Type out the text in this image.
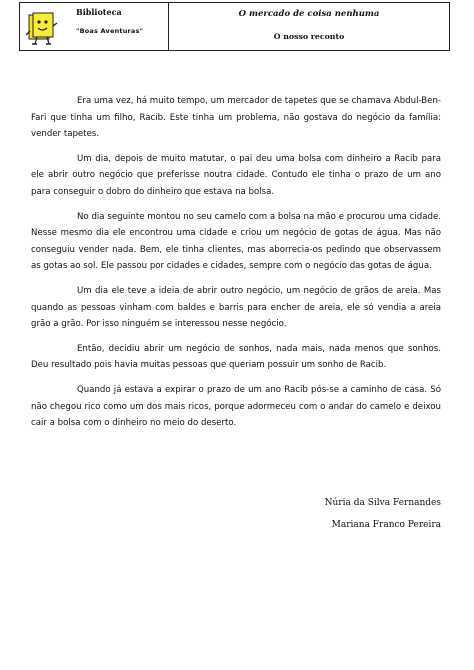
Biblioteca
"Boas Aventuras"
O mercado de coisa nenhuma
O nosso reconto

Era uma vez, há muito tempo, um mercador de tapetes que se chamava Abdul-Ben-Fari que tinha um filho, Racib. Este tinha um problema, não gostava do negócio da família: vender tapetes.

Um dia, depois de muito matutar, o pai deu uma bolsa com dinheiro a Racib para ele abrir outro negócio que preferisse noutra cidade. Contudo ele tinha o prazo de um ano para conseguir o dobro do dinheiro que estava na bolsa.

No dia seguinte montou no seu camelo com a bolsa na mão e procurou uma cidade. Nesse mesmo dia ele encontrou uma cidade e criou um negócio de gotas de água. Mas não conseguiu vender nada. Bem, ele tinha clientes, mas aborrecia-os pedindo que observassem as gotas ao sol. Ele passou por cidades e cidades, sempre com o negócio das gotas de água.

Um dia ele teve a ideia de abrir outro negócio, um negócio de grãos de areia. Mas quando as pessoas vinham com baldes e barris para encher de areia, ele só vendia a areia grão a grão. Por isso ninguém se interessou nesse negócio.

Então, decidiu abrir um negócio de sonhos, nada mais, nada menos que sonhos. Deu resultado pois havia muitas pessoas que queriam possuir um sonho de Racib.

Quando já estava a expirar o prazo de um ano Racib pós-se a caminho de casa. Só não chegou rico como um dos mais ricos, porque adormeceu com o andar do camelo e deixou cair a bolsa com o dinheiro no meio do deserto.

Núria da Silva Fernandes
Mariana Franco Pereira
